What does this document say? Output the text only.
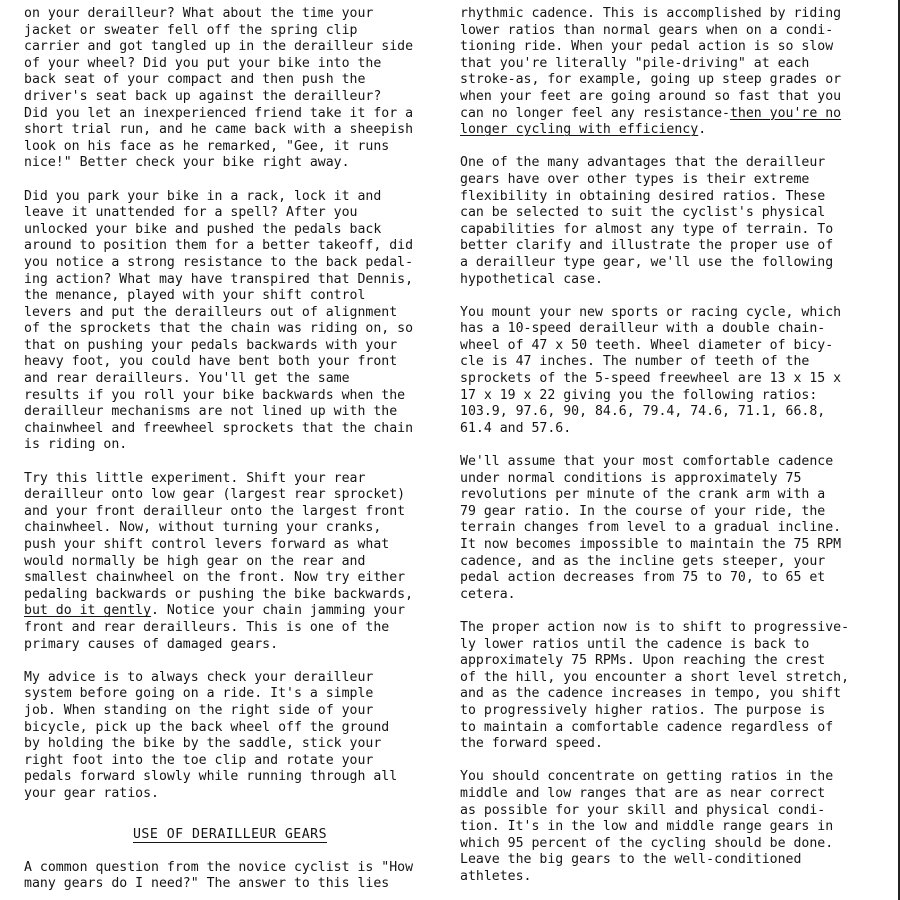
on your derailleur? What about the time your
jacket or sweater fell off the spring clip
carrier and got tangled up in the derailleur side
of your wheel? Did you put your bike into the
back seat of your compact and then push the
driver's seat back up against the derailleur?
Did you let an inexperienced friend take it for a
short trial run, and he came back with a sheepish
look on his face as he remarked, "Gee, it runs
nice!" Better check your bike right away.
Did you park your bike in a rack, lock it and
leave it unattended for a spell? After you
unlocked your bike and pushed the pedals back
around to position them for a better takeoff, did
you notice a strong resistance to the back pedal-
ing action? What may have transpired that Dennis,
the menance, played with your shift control
levers and put the derailleurs out of alignment
of the sprockets that the chain was riding on, so
that on pushing your pedals backwards with your
heavy foot, you could have bent both your front
and rear derailleurs. You'll get the same
results if you roll your bike backwards when the
derailleur mechanisms are not lined up with the
chainwheel and freewheel sprockets that the chain
is riding on.
Try this little experiment. Shift your rear
derailleur onto low gear (largest rear sprocket)
and your front derailleur onto the largest front
chainwheel. Now, without turning your cranks,
push your shift control levers forward as what
would normally be high gear on the rear and
smallest chainwheel on the front. Now try either
pedaling backwards or pushing the bike backwards,
but do it gently. Notice your chain jamming your
front and rear derailleurs. This is one of the
primary causes of damaged gears.
My advice is to always check your derailleur
system before going on a ride. It's a simple
job. When standing on the right side of your
bicycle, pick up the back wheel off the ground
by holding the bike by the saddle, stick your
right foot into the toe clip and rotate your
pedals forward slowly while running through all
your gear ratios.
USE OF DERAILLEUR GEARS
A common question from the novice cyclist is "How
many gears do I need?" The answer to this lies
rhythmic cadence. This is accomplished by riding
lower ratios than normal gears when on a condi-
tioning ride. When your pedal action is so slow
that you're literally "pile-driving" at each
stroke-as, for example, going up steep grades or
when your feet are going around so fast that you
can no longer feel any resistance-then you're no
longer cycling with efficiency.
One of the many advantages that the derailleur
gears have over other types is their extreme
flexibility in obtaining desired ratios. These
can be selected to suit the cyclist's physical
capabilities for almost any type of terrain. To
better clarify and illustrate the proper use of
a derailleur type gear, we'll use the following
hypothetical case.
You mount your new sports or racing cycle, which
has a 10-speed derailleur with a double chain-
wheel of 47 x 50 teeth. Wheel diameter of bicy-
cle is 47 inches. The number of teeth of the
sprockets of the 5-speed freewheel are 13 x 15 x
17 x 19 x 22 giving you the following ratios:
103.9, 97.6, 90, 84.6, 79.4, 74.6, 71.1, 66.8,
61.4 and 57.6.
We'll assume that your most comfortable cadence
under normal conditions is approximately 75
revolutions per minute of the crank arm with a
79 gear ratio. In the course of your ride, the
terrain changes from level to a gradual incline.
It now becomes impossible to maintain the 75 RPM
cadence, and as the incline gets steeper, your
pedal action decreases from 75 to 70, to 65 et
cetera.
The proper action now is to shift to progressive-
ly lower ratios until the cadence is back to
approximately 75 RPMs. Upon reaching the crest
of the hill, you encounter a short level stretch,
and as the cadence increases in tempo, you shift
to progressively higher ratios. The purpose is
to maintain a comfortable cadence regardless of
the forward speed.
You should concentrate on getting ratios in the
middle and low ranges that are as near correct
as possible for your skill and physical condi-
tion. It's in the low and middle range gears in
which 95 percent of the cycling should be done.
Leave the big gears to the well-conditioned
athletes.
